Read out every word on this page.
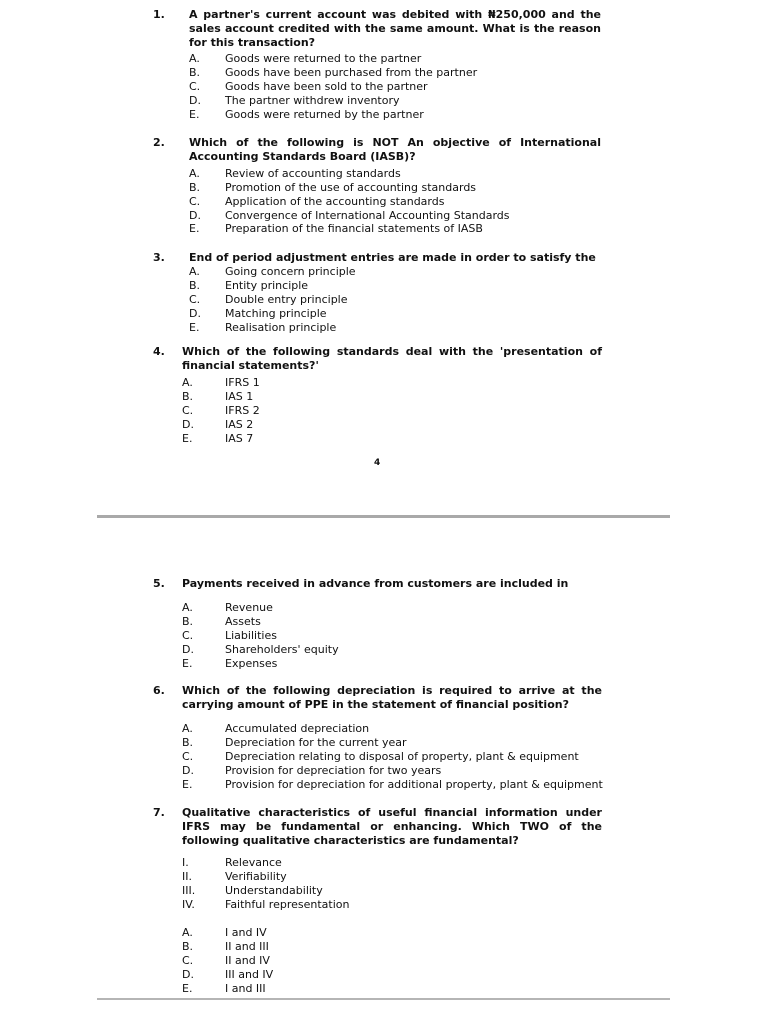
1. A partner's current account was debited with ₦250,000 and the sales account credited with the same amount. What is the reason for this transaction?
A.	Goods were returned to the partner
B.	Goods have been purchased from the partner
C.	Goods have been sold to the partner
D.	The partner withdrew inventory
E.	Goods were returned by the partner
2. Which of the following is NOT An objective of International Accounting Standards Board (IASB)?
A.	Review of accounting standards
B.	Promotion of the use of accounting standards
C.	Application of the accounting standards
D.	Convergence of International Accounting Standards
E.	Preparation of the financial statements of IASB
3. End of period adjustment entries are made in order to satisfy the
A.	Going concern principle
B.	Entity principle
C.	Double entry principle
D.	Matching principle
E.	Realisation principle
4. Which of the following standards deal with the 'presentation of financial statements?'
A.	IFRS 1
B.	IAS 1
C.	IFRS 2
D.	IAS 2
E.	IAS 7
4
5. Payments received in advance from customers are included in
A.	Revenue
B.	Assets
C.	Liabilities
D.	Shareholders' equity
E.	Expenses
6. Which of the following depreciation is required to arrive at the carrying amount of PPE in the statement of financial position?
A.	Accumulated depreciation
B.	Depreciation for the current year
C.	Depreciation relating to disposal of property, plant & equipment
D.	Provision for depreciation for two years
E.	Provision for depreciation for additional property, plant & equipment
7. Qualitative characteristics of useful financial information under IFRS may be fundamental or enhancing. Which TWO of the following qualitative characteristics are fundamental?
I.	Relevance
II.	Verifiability
III.	Understandability
IV.	Faithful representation
A.	I and IV
B.	II and III
C.	II and IV
D.	III and IV
E.	I and III
